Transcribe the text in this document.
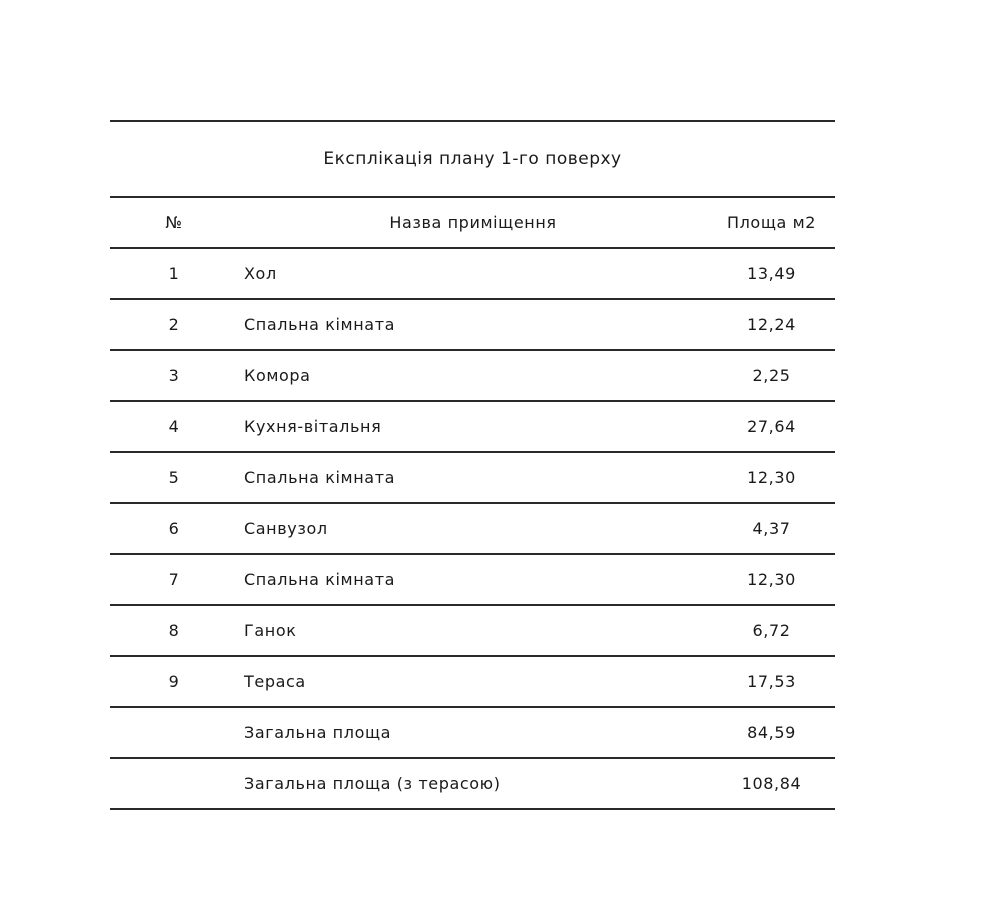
Експлікація плану 1-го поверху
№	Назва приміщення	Площа м2
1	Хол	13,49
2	Спальна кімната	12,24
3	Комора	2,25
4	Кухня-вітальня	27,64
5	Спальна кімната	12,30
6	Санвузол	4,37
7	Спальна кімната	12,30
8	Ганок	6,72
9	Тераса	17,53
Загальна площа	84,59
Загальна площа (з терасою)	108,84
